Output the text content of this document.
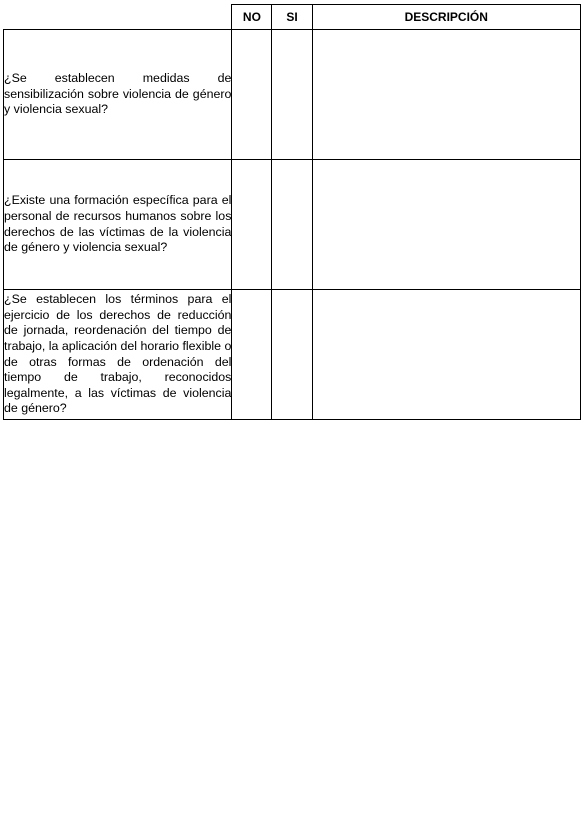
	NO	SI	DESCRIPCIÓN

¿Se establecen medidas de sensibilización sobre violencia de género y violencia sexual?			

¿Existe una formación específica para el personal de recursos humanos sobre los derechos de las víctimas de la violencia de género y violencia sexual?			

¿Se establecen los términos para el ejercicio de los derechos de reducción de jornada, reordenación del tiempo de trabajo, la aplicación del horario flexible o de otras formas de ordenación del tiempo de trabajo, reconocidos legalmente, a las víctimas de violencia de género?			
